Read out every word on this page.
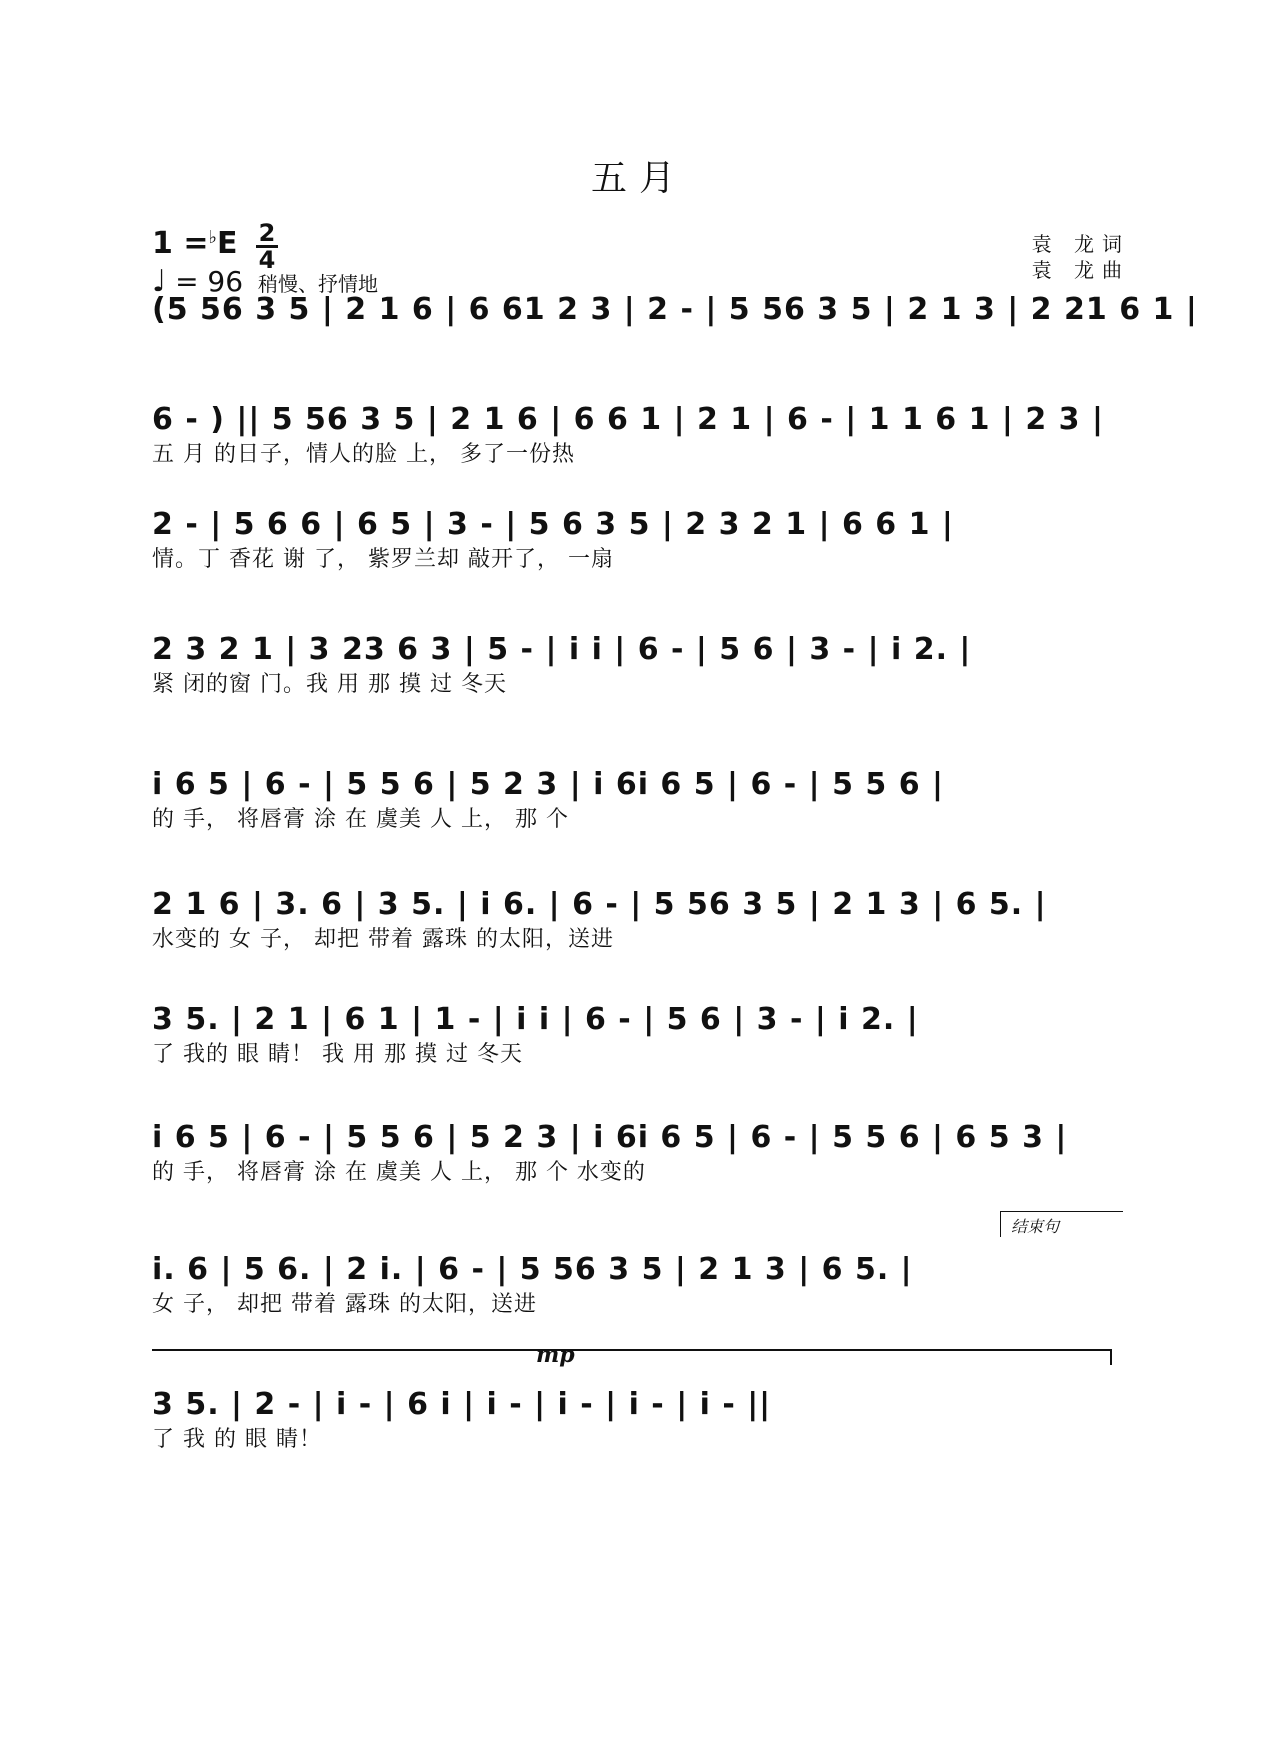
五月
1 =♭E 2
4
♩ = 96 稍慢、抒情地
袁 龙词
袁 龙曲
(5 56 3 5 | 2 1 6 | 6 61 2 3 | 2 - | 5 56 3 5 | 2 1 3 | 2 21 6 1 |
6 - ) || 5 56 3 5 | 2 1 6 | 6 6 1 | 2 1 | 6 - | 1 1 6 1 | 2 3 |
五 月 的日子，情人的脸 上， 多了一份热
2 - | 5 6 6 | 6 5 | 3 - | 5 6 3 5 | 2 3 2 1 | 6 6 1 |
情。丁 香花 谢 了， 紫罗兰却 敲开了， 一扇
2 3 2 1 | 3 23 6 3 | 5 - | i i | 6 - | 5 6 | 3 - | i 2. |
紧 闭的窗 门。我 用 那 摸 过 冬天
i 6 5 | 6 - | 5 5 6 | 5 2 3 | i 6i 6 5 | 6 - | 5 5 6 |
的 手， 将唇膏 涂 在 虞美 人 上， 那 个
2 1 6 | 3. 6 | 3 5. | i 6. | 6 - | 5 56 3 5 | 2 1 3 | 6 5. |
水变的 女 子， 却把 带着 露珠 的太阳，送进
3 5. | 2 1 | 6 1 | 1 - | i i | 6 - | 5 6 | 3 - | i 2. |
了 我的 眼 睛！ 我 用 那 摸 过 冬天
i 6 5 | 6 - | 5 5 6 | 5 2 3 | i 6i 6 5 | 6 - | 5 5 6 | 6 5 3 |
的 手， 将唇膏 涂 在 虞美 人 上， 那 个 水变的
结束句
i. 6 | 5 6. | 2 i. | 6 - | 5 56 3 5 | 2 1 3 | 6 5. |
女 子， 却把 带着 露珠 的太阳，送进
mp
3 5. | 2 - | i - | 6 i | i - | i - | i - | i - ||
了 我 的 眼 睛！
